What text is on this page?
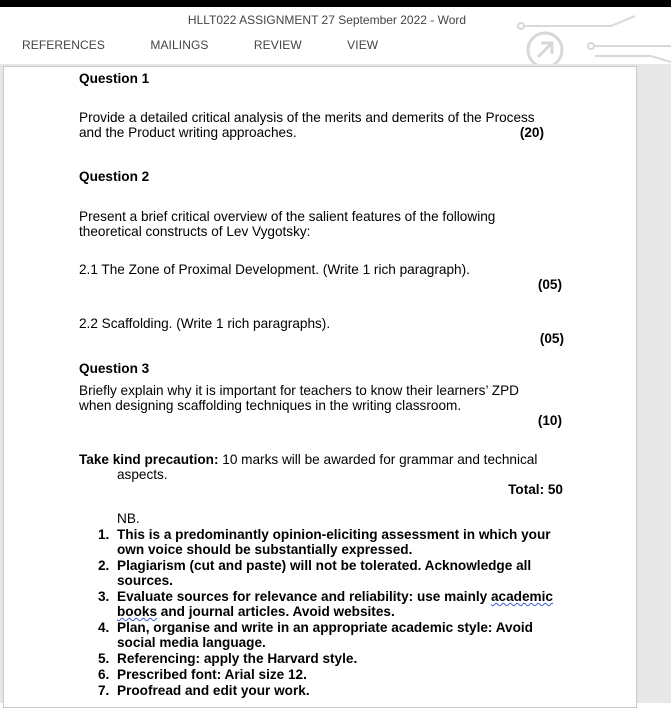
HLLT022 ASSIGNMENT 27 September 2022 - Word
REFERENCES	MAILINGS	REVIEW	VIEW

Question 1

Provide a detailed critical analysis of the merits and demerits of the Process and the Product writing approaches.	(20)

Question 2

Present a brief critical overview of the salient features of the following theoretical constructs of Lev Vygotsky:

2.1 The Zone of Proximal Development. (Write 1 rich paragraph).

(05)

2.2 Scaffolding. (Write 1 rich paragraphs).

(05)

Question 3

Briefly explain why it is important for teachers to know their learners’ ZPD when designing scaffolding techniques in the writing classroom.

(10)

Take kind precaution: 10 marks will be awarded for grammar and technical

aspects.

Total: 50

NB.

1. This is a predominantly opinion-eliciting assessment in which your own voice should be substantially expressed.
2. Plagiarism (cut and paste) will not be tolerated. Acknowledge all sources.
3. Evaluate sources for relevance and reliability: use mainly academic books and journal articles. Avoid websites.
4. Plan, organise and write in an appropriate academic style: Avoid social media language.
5. Referencing: apply the Harvard style.
6. Prescribed font: Arial size 12.
7. Proofread and edit your work.
